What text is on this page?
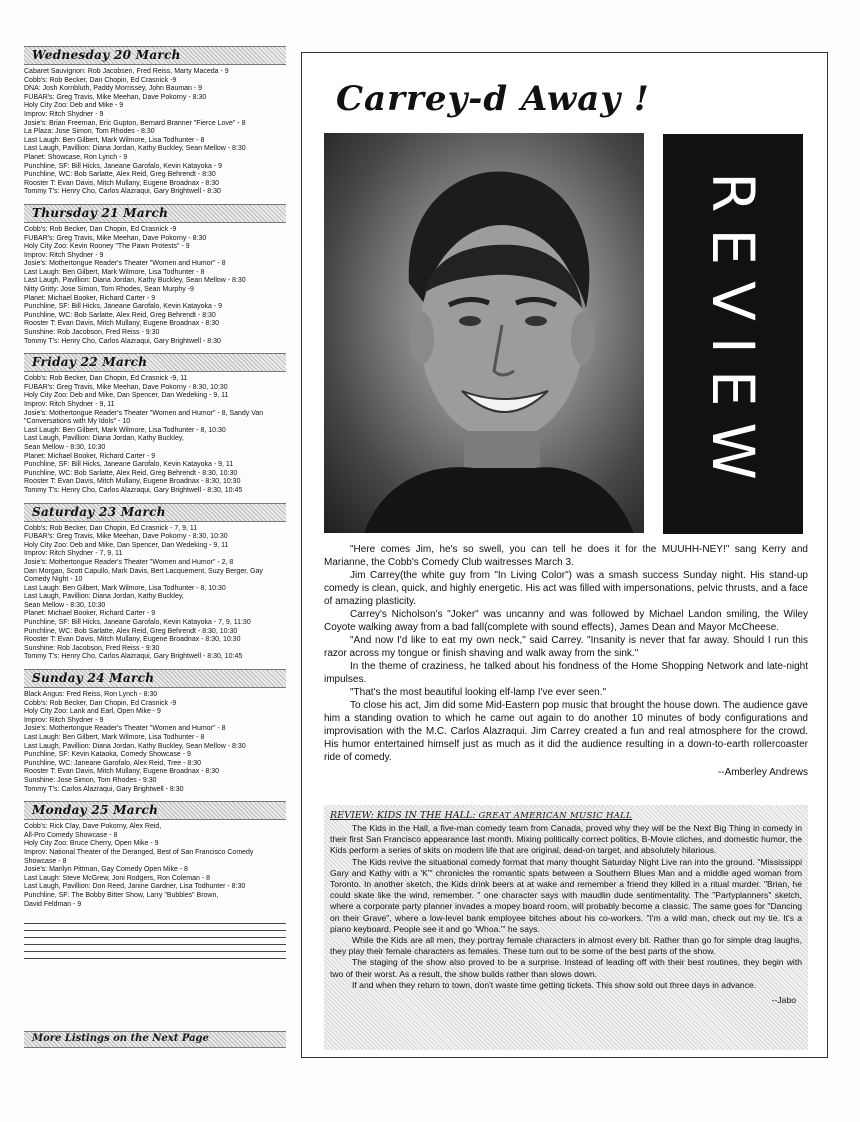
Wednesday 20 March
Cabaret Sauvignon: Rob Jacobsen, Fred Reiss, Marty Maceda - 9
Cobb's: Rob Becker, Dan Chopin, Ed Crasnick -9
DNA: Josh Kornbluth, Paddy Morrissey, John Bauman - 9
FUBAR's: Greg Travis, Mike Meehan, Dave Pokorny - 8:30
Holy City Zoo: Deb and Mike - 9
Improv: Ritch Shydner - 9
Josie's: Brian Freeman, Eric Gupton, Bernard Branner "Fierce Love" - 8
La Plaza: Jose Simon, Tom Rhodes - 8:30
Last Laugh: Ben Gilbert, Mark Wilmore, Lisa Todhunter - 8
Last Laugh, Pavillion: Diana Jordan, Kathy Buckley, Sean Mellow - 8:30
Planet: Showcase, Ron Lynch - 9
Punchline, SF: Bill Hicks, Janeane Garofalo, Kevin Katayoka - 9
Punchline, WC: Bob Sarlatte, Alex Reid, Greg Behrendt - 8:30
Rooster T: Evan Davis, Mitch Mullany, Eugene Broadnax - 8:30
Tommy T's: Henry Cho, Carlos Alazraqui, Gary Brightwell - 8:30
Thursday 21 March
Cobb's: Rob Becker, Dan Chopin, Ed Crasnick -9
FUBAR's: Greg Travis, Mike Meehan, Dave Pokorny - 8:30
Holy City Zoo: Kevin Rooney "The Pawn Protests" - 9
Improv: Ritch Shydner - 9
Josie's: Mothertongue Reader's Theater "Women and Humor" - 8
Last Laugh: Ben Gilbert, Mark Wilmore, Lisa Todhunter - 8
Last Laugh, Pavillion: Diana Jordan, Kathy Buckley, Sean Mellow - 8:30
Nitty Gritty: Jose Simon, Tom Rhodes, Sean Murphy -9
Planet: Michael Booker, Richard Carter - 9
Punchline, SF: Bill Hicks, Janeane Garofalo, Kevin Katayoka - 9
Punchline, WC: Bob Sarlatte, Alex Reid, Greg Behrendt - 8:30
Rooster T: Evan Davis, Mitch Mullany, Eugene Broadnax - 8:30
Sunshine: Rob Jacobson, Fred Reiss - 9:30
Tommy T's: Henry Cho, Carlos Alazraqui, Gary Brightwell - 8:30
Friday 22 March
Cobb's: Rob Becker, Dan Chopin, Ed Crasnick -9, 11
FUBAR's: Greg Travis, Mike Meehan, Dave Pokorny - 8:30, 10:30
Holy City Zoo: Deb and Mike, Dan Spencer, Dan Wedeking - 9, 11
Improv: Ritch Shydner - 9, 11
Josie's: Mothertongue Reader's Theater "Women and Humor" - 8, Sandy Van "Conversations with My Idols" - 10
Last Laugh: Ben Gilbert, Mark Wilmore, Lisa Todhunter - 8, 10:30
Last Laugh, Pavillion: Diana Jordan, Kathy Buckley,
Sean Mellow - 8:30, 10:30
Planet: Michael Booker, Richard Carter - 9
Punchline, SF: Bill Hicks, Janeane Garofalo, Kevin Katayoka - 9, 11
Punchline, WC: Bob Sarlatte, Alex Reid, Greg Behrendt - 8:30, 10:30
Rooster T: Evan Davis, Mitch Mullany, Eugene Broadnax - 8:30, 10:30
Tommy T's: Henry Cho, Carlos Alazraqui, Gary Brightwell - 8:30, 10:45
Saturday 23 March
Cobb's: Rob Becker, Dan Chopin, Ed Crasnick - 7, 9, 11
FUBAR's: Greg Travis, Mike Meehan, Dave Pokorny - 8:30, 10:30
Holy City Zoo: Deb and Mike, Dan Spencer, Dan Wedeking - 9, 11
Improv: Ritch Shydner - 7, 9, 11
Josie's: Mothertongue Reader's Theater "Women and Humor" - 2, 8
Dan Morgan, Scott Capullo, Mark Davis, Bert Lacquement, Suzy Berger, Gay Comedy Night - 10
Last Laugh: Ben Gilbert, Mark Wilmore, Lisa Todhunter - 8, 10:30
Last Laugh, Pavillion: Diana Jordan, Kathy Buckley,
Sean Mellow - 8:30, 10:30
Planet: Michael Booker, Richard Carter - 9
Punchline, SF: Bill Hicks, Janeane Garofalo, Kevin Katayoka - 7, 9, 11:30
Punchline, WC: Bob Sarlatte, Alex Reid, Greg Behrendt - 8:30, 10:30
Rooster T: Evan Davis, Mitch Mullany, Eugene Broadnax - 8:30, 10:30
Sunshine: Rob Jacobson, Fred Reiss - 9:30
Tommy T's: Henry Cho, Carlos Alazraqui, Gary Brightwell - 8:30, 10:45
Sunday 24 March
Black Angus: Fred Reiss, Ron Lynch - 8:30
Cobb's: Rob Becker, Dan Chopin, Ed Crasnick -9
Holy City Zoo: Lank and Earl, Open Mike - 9
Improv: Ritch Shydner - 9
Josie's: Mothertongue Reader's Theater "Women and Humor" - 8
Last Laugh: Ben Gilbert, Mark Wilmore, Lisa Todhunter - 8
Last Laugh, Pavillion: Diana Jordan, Kathy Buckley, Sean Mellow - 8:30
Punchline, SF: Kevin Kataoka, Comedy Showcase - 9
Punchline, WC: Janeane Garofalo, Alex Reid, Tree - 8:30
Rooster T: Evan Davis, Mitch Mullany, Eugene Broadnax - 8:30
Sunshine: Jose Simon, Tom Rhodes - 9:30
Tommy T's: Carlos Alazraqui, Gary Brightwell - 8:30
Monday 25 March
Cobb's: Rick Clay, Dave Pokorny, Alex Reid,
All-Pro Comedy Showcase - 8
Holy City Zoo: Bruce Cherry, Open Mike - 9
Improv: National Theater of the Deranged, Best of San Francisco Comedy Showcase - 8
Josie's: Marilyn Pittman, Gay Comedy Open Mike - 8
Last Laugh: Steve McGrew, Joni Rodgers, Ron Coleman - 8
Last Laugh, Pavillion: Don Reed, Janine Gardner, Lisa Todhunter - 8:30
Punchline, SF: The Bobby Bitter Show, Larry "Bubbles" Brown,
David Feldman - 9
More Listings on the Next Page
Carrey-d Away !
REVIEW

"Here comes Jim, he's so swell, you can tell he does it for the MUUHH-NEY!" sang Kerry and Marianne, the Cobb's Comedy Club waitresses March 3.

Jim Carrey(the white guy from "In Living Color") was a smash success Sunday night. His stand-up comedy is clean, quick, and highly energetic. His act was filled with impersonations, pelvic thrusts, and a face of amazing plasticity.

Carrey's Nicholson's "Joker" was uncanny and was followed by Michael Landon smiling, the Wiley Coyote walking away from a bad fall(complete with sound effects), James Dean and Mayor McCheese.

"And now I'd like to eat my own neck," said Carrey. "Insanity is never that far away. Should I run this razor across my tongue or finish shaving and walk away from the sink."

In the theme of craziness, he talked about his fondness of the Home Shopping Network and late-night impulses.

"That's the most beautiful looking elf-lamp I've ever seen."

To close his act, Jim did some Mid-Eastern pop music that brought the house down. The audience gave him a standing ovation to which he came out again to do another 10 minutes of body configurations and improvisation with the M.C. Carlos Alazraqui. Jim Carrey created a fun and real atmosphere for the crowd. His humor entertained himself just as much as it did the audience resulting in a down-to-earth rollercoaster ride of comedy.

--Amberley Andrews

REVIEW: KIDS IN THE HALL: GREAT AMERICAN MUSIC HALL

The Kids in the Hall, a five-man comedy team from Canada, proved why they will be the Next Big Thing in comedy in their first San Francisco appearance last month. Mixing politically correct politics, B-Movie cliches, and domestic humor, the Kids perform a series of skits on modern life that are original, dead-on target, and absolutely hilarious.

The Kids revive the situational comedy format that many thought Saturday Night Live ran into the ground. "Mississippi Gary and Kathy with a 'K'" chronicles the romantic spats between a Southern Blues Man and a middle aged woman from Toronto. In another sketch, the Kids drink beers at at wake and remember a friend they killed in a ritual murder. "Brian, he could skate like the wind, remember. " one character says with maudlin dude sentimentality. The "Partyplanners" sketch, where a corporate party planner invades a mopey board room, will probably become a classic. The same goes for "Dancing on their Grave", where a low-level bank employee bitches about his co-workers. "I'm a wild man, check out my tie. It's a piano keyboard. People see it and go 'Whoa.'" he says.

While the Kids are all men, they portray female characters in almost every bit. Rather than go for simple drag laughs, they play their female characters as females. These turn out to be some of the best parts of the show.

The staging of the show also proved to be a surprise. Instead of leading off with their best routines, they begin with two of their worst. As a result, the show builds rather than slows down.

If and when they return to town, don't waste time getting tickets. This show sold out three days in advance.

--Jabo
